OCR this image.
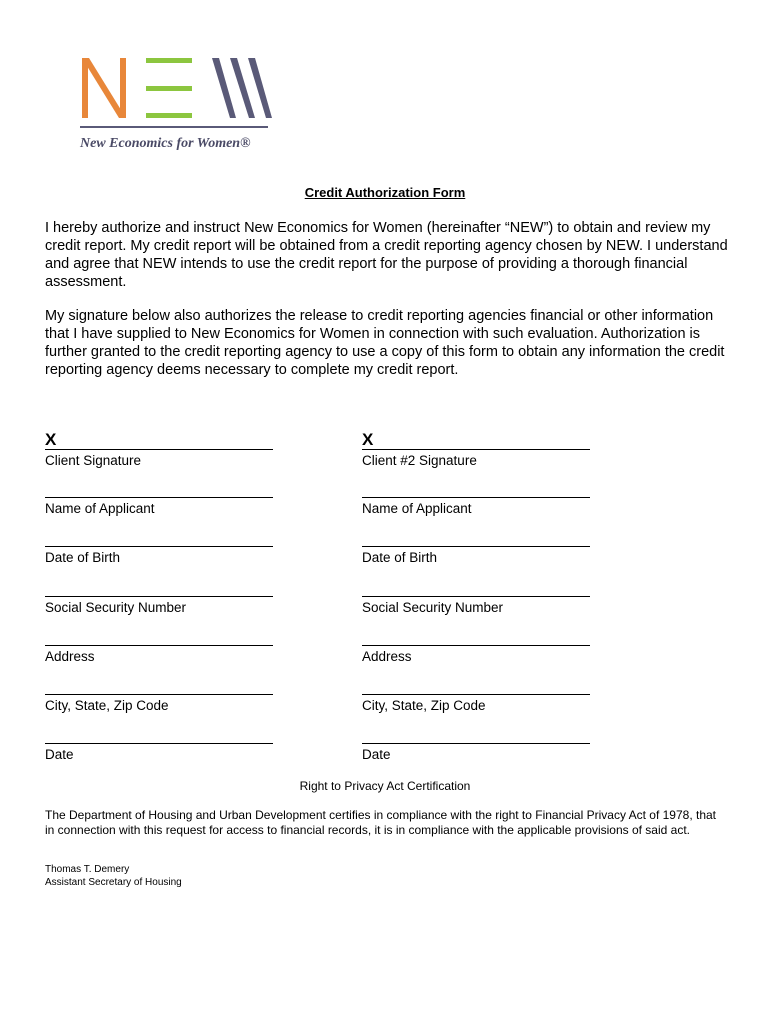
New Economics for Women®
Credit Authorization Form
I hereby authorize and instruct New Economics for Women (hereinafter “NEW”) to obtain and review my credit report. My credit report will be obtained from a credit reporting agency chosen by NEW. I understand and agree that NEW intends to use the credit report for the purpose of providing a thorough financial assessment.
My signature below also authorizes the release to credit reporting agencies financial or other information that I have supplied to New Economics for Women in connection with such evaluation. Authorization is further granted to the credit reporting agency to use a copy of this form to obtain any information the credit reporting agency deems necessary to complete my credit report.
X
Client Signature
Name of Applicant
Date of Birth
Social Security Number
Address
City, State, Zip Code
Date
X
Client #2 Signature
Name of Applicant
Date of Birth
Social Security Number
Address
City, State, Zip Code
Date
Right to Privacy Act Certification
The Department of Housing and Urban Development certifies in compliance with the right to Financial Privacy Act of 1978, that in connection with this request for access to financial records, it is in compliance with the applicable provisions of said act.
Thomas T. Demery
Assistant Secretary of Housing
